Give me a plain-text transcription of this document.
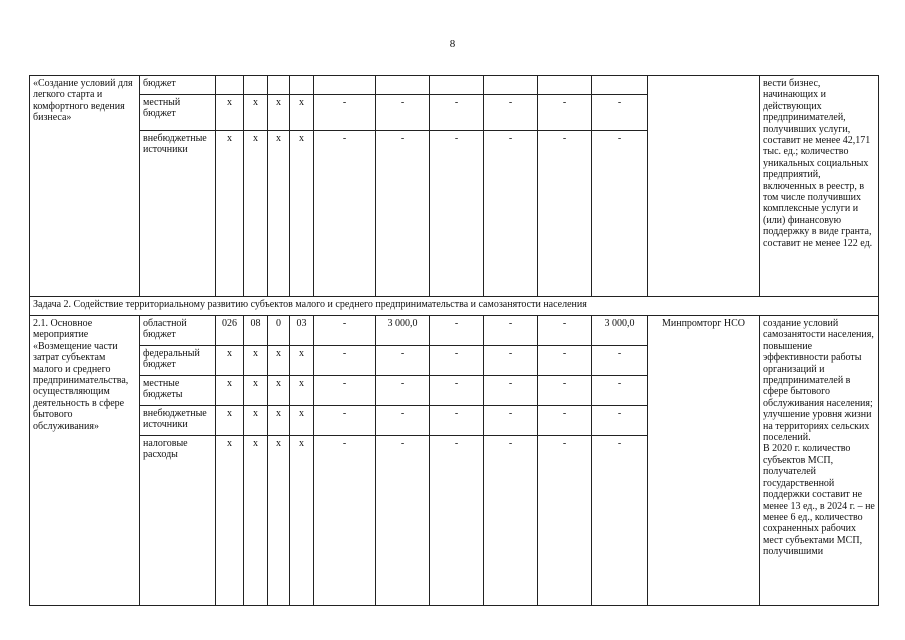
8
«Создание условий для легкого старта и комфортного ведения бизнеса»	бюджет												вести бизнес, начинающих и действующих предпринимателей, получивших услуги, составит не менее 42,171 тыс. ед.; количество уникальных социальных предприятий, включенных в реестр, в том числе получивших комплексные услуги и (или) финансовую поддержку в виде гранта, составит не менее 122 ед.
	местный бюджет	x	x	x	x	-	-	-	-	-	-		
	внебюджетные источники	x	x	x	x	-	-	-	-	-	-		
Задача 2. Содействие территориальному развитию субъектов малого и среднего предпринимательства и самозанятости населения													
2.1. Основное мероприятие «Возмещение части затрат субъектам малого и среднего предпринимательства, осуществляющим деятельность в сфере бытового обслуживания»	областной бюджет	026	08	0	03	-	3 000,0	-	-	-	3 000,0	Минпромторг НСО	создание условий самозанятости населения, повышение эффективности работы организаций и предпринимателей в сфере бытового обслуживания населения; улучшение уровня жизни на территориях сельских поселений.
В 2020 г. количество субъектов МСП, получателей государственной поддержки составит не менее 13 ед., в 2024 г. – не менее 6 ед., количество сохраненных рабочих мест субъектами МСП, получившими
	федеральный бюджет	x	x	x	x	-	-	-	-	-	-		
	местные бюджеты	x	x	x	x	-	-	-	-	-	-		
	внебюджетные источники	x	x	x	x	-	-	-	-	-	-		
	налоговые расходы	x	x	x	x	-	-	-	-	-	-		
